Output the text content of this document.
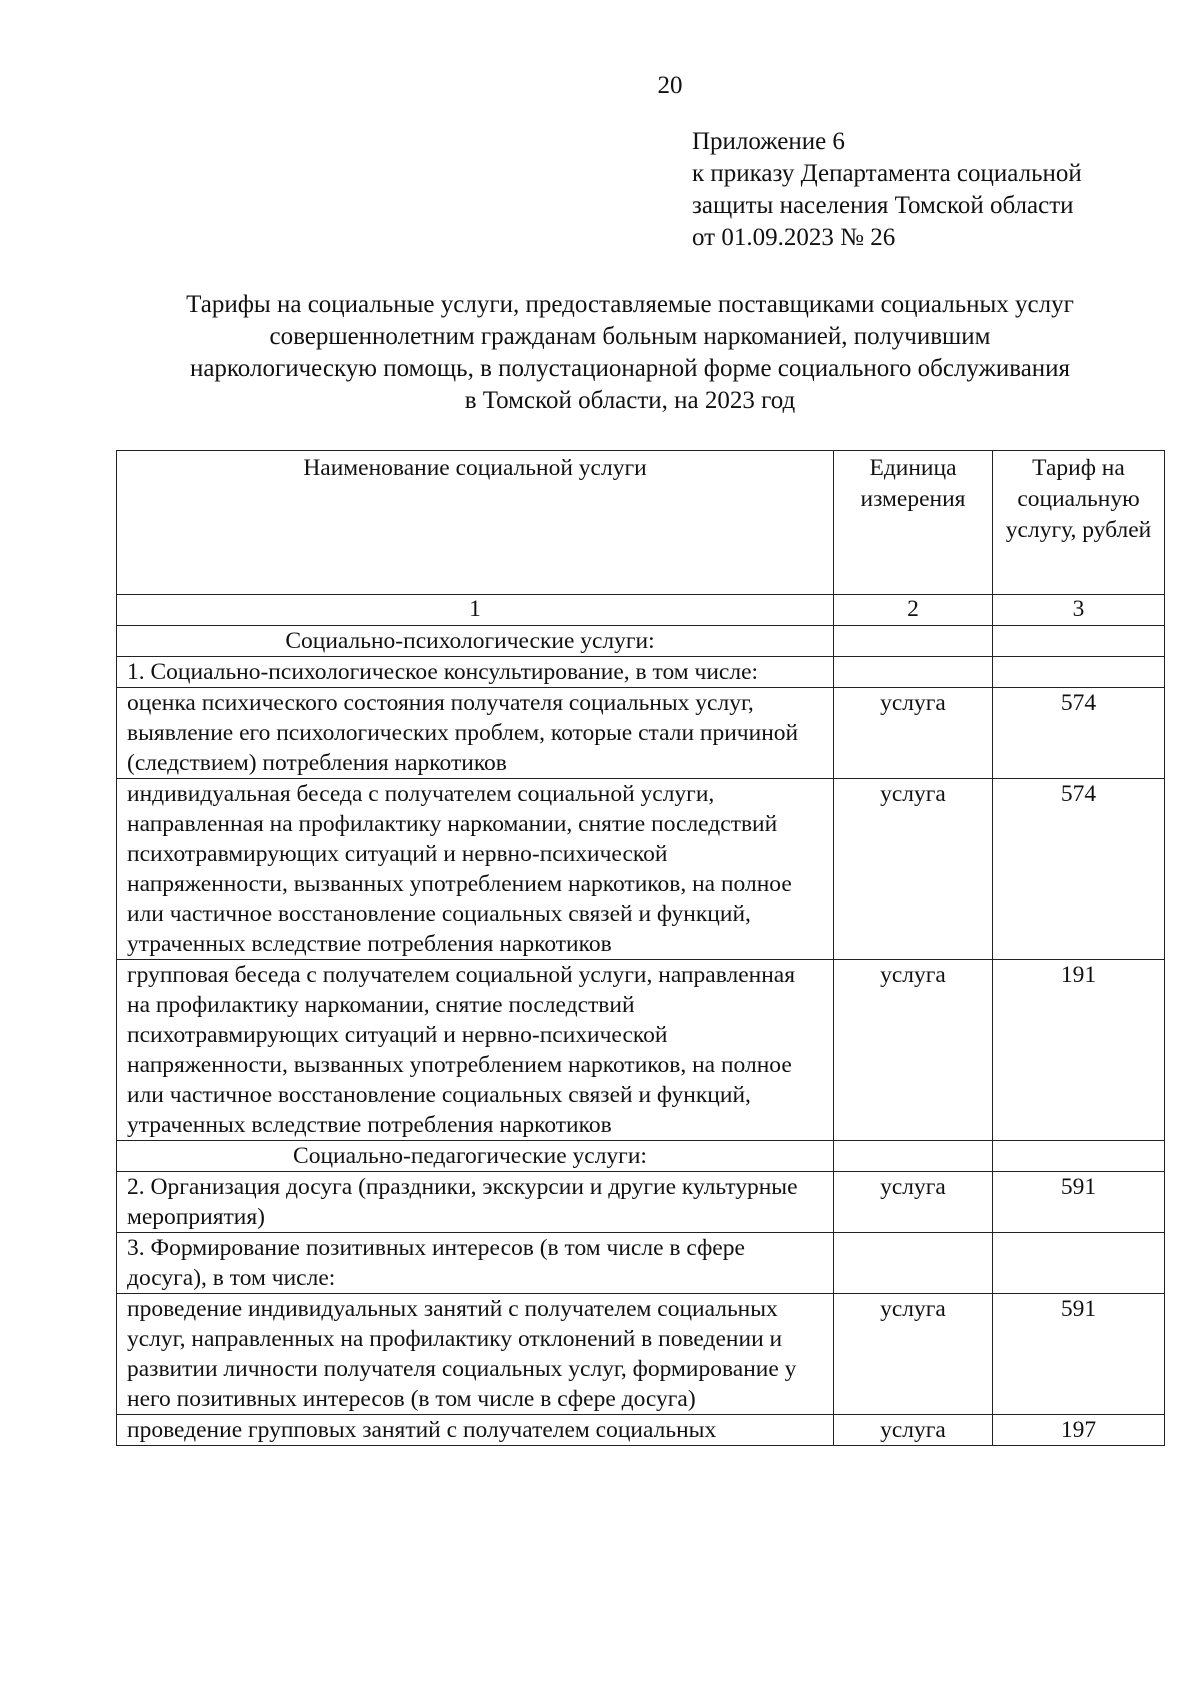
20
Приложение 6
к приказу Департамента социальной
защиты населения Томской области
от 01.09.2023 № 26
Тарифы на социальные услуги, предоставляемые поставщиками социальных услуг
совершеннолетним гражданам больным наркоманией, получившим
наркологическую помощь, в полустационарной форме социального обслуживания
в Томской области, на 2023 год
Наименование социальной услуги	Единица измерения	Тариф на социальную услугу, рублей
1	2	3
Социально-психологические услуги:		
1. Социально-психологическое консультирование, в том числе:		
оценка психического состояния получателя социальных услуг, выявление его психологических проблем, которые стали причиной (следствием) потребления наркотиков	услуга	574
индивидуальная беседа с получателем социальной услуги, направленная на профилактику наркомании, снятие последствий психотравмирующих ситуаций и нервно-психической напряженности, вызванных употреблением наркотиков, на полное или частичное восстановление социальных связей и функций, утраченных вследствие потребления наркотиков	услуга	574
групповая беседа с получателем социальной услуги, направленная на профилактику наркомании, снятие последствий психотравмирующих ситуаций и нервно-психической напряженности, вызванных употреблением наркотиков, на полное или частичное восстановление социальных связей и функций, утраченных вследствие потребления наркотиков	услуга	191
Социально-педагогические услуги:		
2. Организация досуга (праздники, экскурсии и другие культурные мероприятия)	услуга	591
3. Формирование позитивных интересов (в том числе в сфере досуга), в том числе:		
проведение индивидуальных занятий с получателем социальных услуг, направленных на профилактику отклонений в поведении и развитии личности получателя социальных услуг, формирование у него позитивных интересов (в том числе в сфере досуга)	услуга	591
проведение групповых занятий с получателем социальных	услуга	197
